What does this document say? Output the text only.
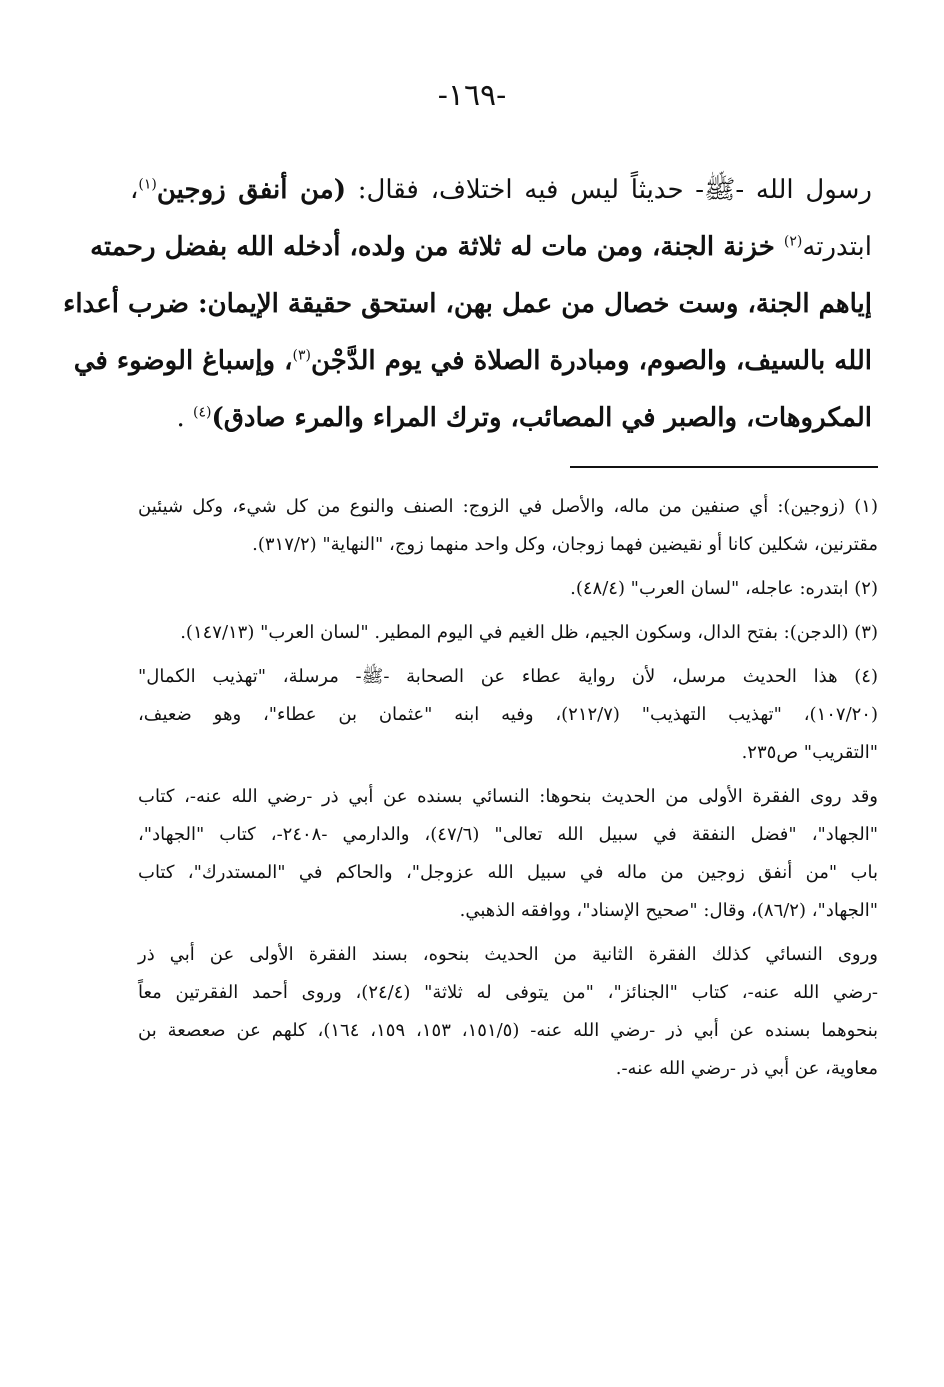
-١٦٩-
رسول الله -ﷺ- حديثاً ليس فيه اختلاف، فقال: (من أنفق زوجين$^{(١)}$،
ابتدرته$^{(٢)}$ خزنة الجنة، ومن مات له ثلاثة من ولده، أدخله الله بفضل رحمته
إياهم الجنة، وست خصال من عمل بهن، استحق حقيقة الإيمان: ضرب أعداء
الله بالسيف، والصوم، ومبادرة الصلاة في يوم الدَّجْن$^{(٣)}$، وإسباغ الوضوء في
المكروهات، والصبر في المصائب، وترك المراء والمرء صادق)$^{(٤)}$ .
(١) (زوجين): أي صنفين من ماله، والأصل في الزوج: الصنف والنوع من كل شيء، وكل شيئين
مقترنين، شكلين كانا أو نقيضين فهما زوجان، وكل واحد منهما زوج، "النهاية" (٣١٧/٢).
(٢) ابتدره: عاجله، "لسان العرب" (٤٨/٤).
(٣) (الدجن): بفتح الدال، وسكون الجيم، ظل الغيم في اليوم المطير. "لسان العرب" (١٤٧/١٣).
(٤) هذا الحديث مرسل، لأن رواية عطاء عن الصحابة -ﷺ- مرسلة، "تهذيب الكمال"
(١٠٧/٢٠)، "تهذيب التهذيب" (٢١٢/٧)، وفيه ابنه "عثمان بن عطاء"، وهو ضعيف،
"التقريب" ص٢٣٥.
وقد روى الفقرة الأولى من الحديث بنحوها: النسائي بسنده عن أبي ذر -رضي الله عنه-، كتاب
"الجهاد"، "فضل النفقة في سبيل الله تعالى" (٤٧/٦)، والدارمي -٢٤٠٨-، كتاب "الجهاد"،
باب "من أنفق زوجين من ماله في سبيل الله عزوجل"، والحاكم في "المستدرك"، كتاب
"الجهاد"، (٨٦/٢)، وقال: "صحيح الإسناد"، ووافقه الذهبي.
وروى النسائي كذلك الفقرة الثانية من الحديث بنحوه، بسند الفقرة الأولى عن أبي ذر
-رضي الله عنه-، كتاب "الجنائز"، "من يتوفى له ثلاثة" (٢٤/٤)، وروى أحمد الفقرتين معاً
بنحوهما بسنده عن أبي ذر -رضي الله عنه- (١٥١/٥، ١٥٣، ١٥٩، ١٦٤)، كلهم عن صعصعة بن
معاوية، عن أبي ذر -رضي الله عنه-.
